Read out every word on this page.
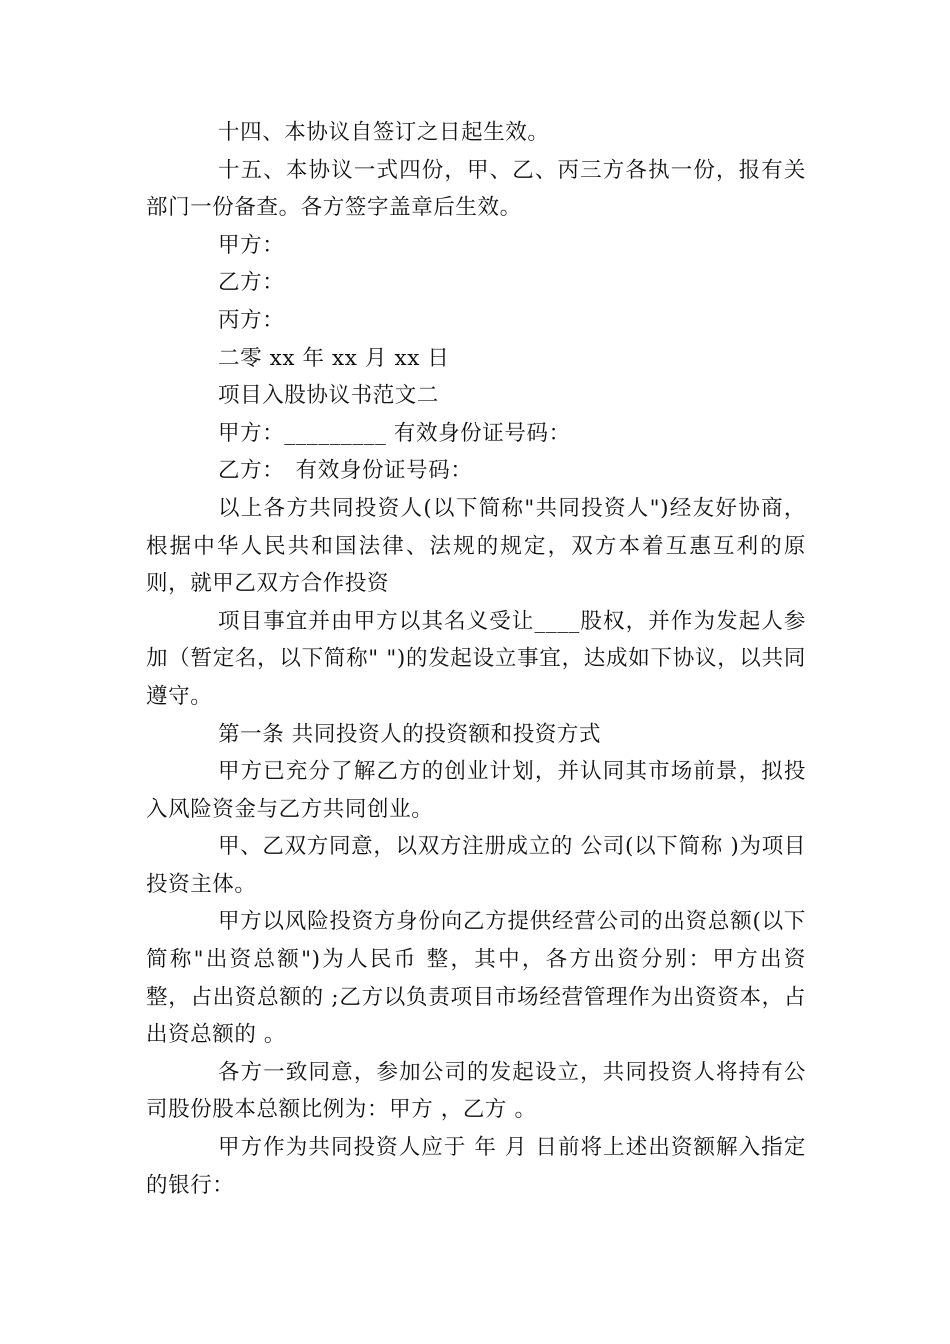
十四、本协议自签订之日起生效。

十五、本协议一式四份，甲、乙、丙三方各执一份，报有关部门一份备查。各方签字盖章后生效。

甲方：

乙方：

丙方：

二零 xx 年 xx 月 xx 日

项目入股协议书范文二

甲方：_________ 有效身份证号码：

乙方：　有效身份证号码：

以上各方共同投资人(以下简称"共同投资人")经友好协商，根据中华人民共和国法律、法规的规定，双方本着互惠互利的原则，就甲乙双方合作投资

项目事宜并由甲方以其名义受让____股权，并作为发起人参加（暂定名，以下简称" ")的发起设立事宜，达成如下协议，以共同遵守。

第一条 共同投资人的投资额和投资方式

甲方已充分了解乙方的创业计划，并认同其市场前景，拟投入风险资金与乙方共同创业。

甲、乙双方同意，以双方注册成立的 公司(以下简称 )为项目投资主体。

甲方以风险投资方身份向乙方提供经营公司的出资总额(以下简称"出资总额")为人民币 整，其中，各方出资分别：甲方出资 整，占出资总额的 ;乙方以负责项目市场经营管理作为出资资本，占出资总额的 。

各方一致同意，参加公司的发起设立，共同投资人将持有公司股份股本总额比例为：甲方 ，乙方 。

甲方作为共同投资人应于 年 月 日前将上述出资额解入指定的银行：
